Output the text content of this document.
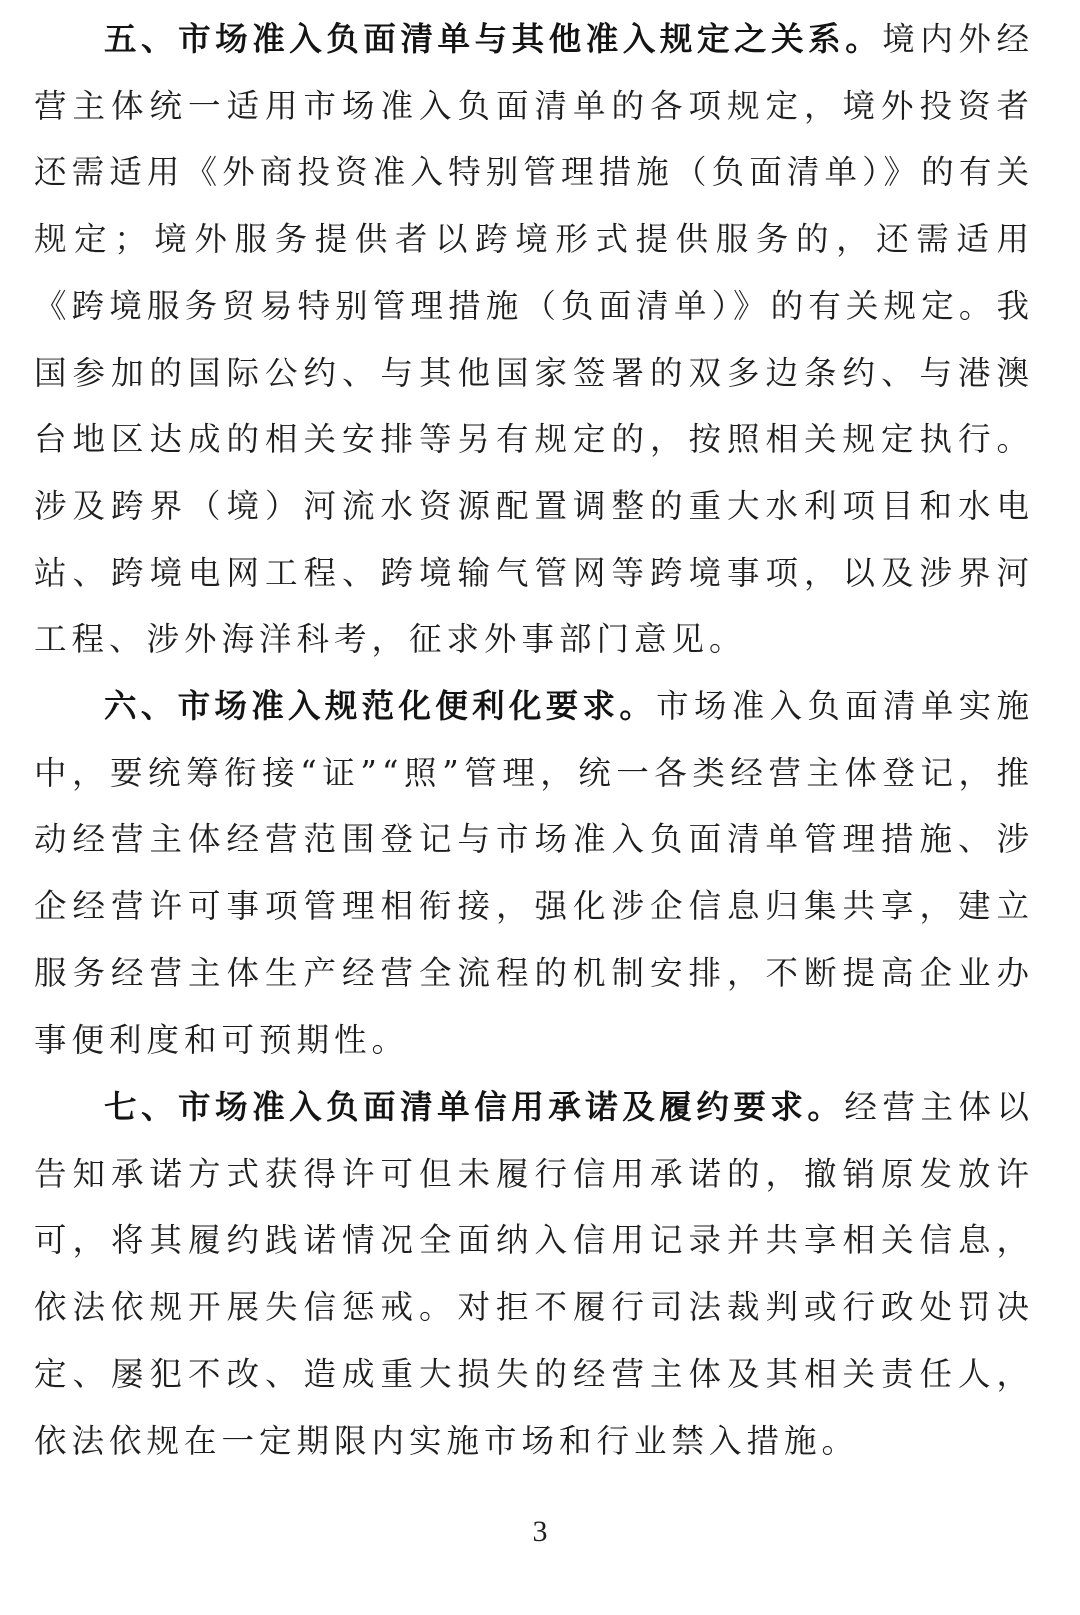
五、市场准入负面清单与其他准入规定之关系。境内外经营主体统一适用市场准入负面清单的各项规定，境外投资者还需适用《外商投资准入特别管理措施（负面清单）》的有关规定；境外服务提供者以跨境形式提供服务的，还需适用《跨境服务贸易特别管理措施（负面清单）》的有关规定。我国参加的国际公约、与其他国家签署的双多边条约、与港澳台地区达成的相关安排等另有规定的，按照相关规定执行。涉及跨界（境）河流水资源配置调整的重大水利项目和水电站、跨境电网工程、跨境输气管网等跨境事项，以及涉界河工程、涉外海洋科考，征求外事部门意见。

六、市场准入规范化便利化要求。市场准入负面清单实施中，要统筹衔接“证”“照”管理，统一各类经营主体登记，推动经营主体经营范围登记与市场准入负面清单管理措施、涉企经营许可事项管理相衔接，强化涉企信息归集共享，建立服务经营主体生产经营全流程的机制安排，不断提高企业办事便利度和可预期性。

七、市场准入负面清单信用承诺及履约要求。经营主体以告知承诺方式获得许可但未履行信用承诺的，撤销原发放许可，将其履约践诺情况全面纳入信用记录并共享相关信息，依法依规开展失信惩戒。对拒不履行司法裁判或行政处罚决定、屡犯不改、造成重大损失的经营主体及其相关责任人，依法依规在一定期限内实施市场和行业禁入措施。

3
